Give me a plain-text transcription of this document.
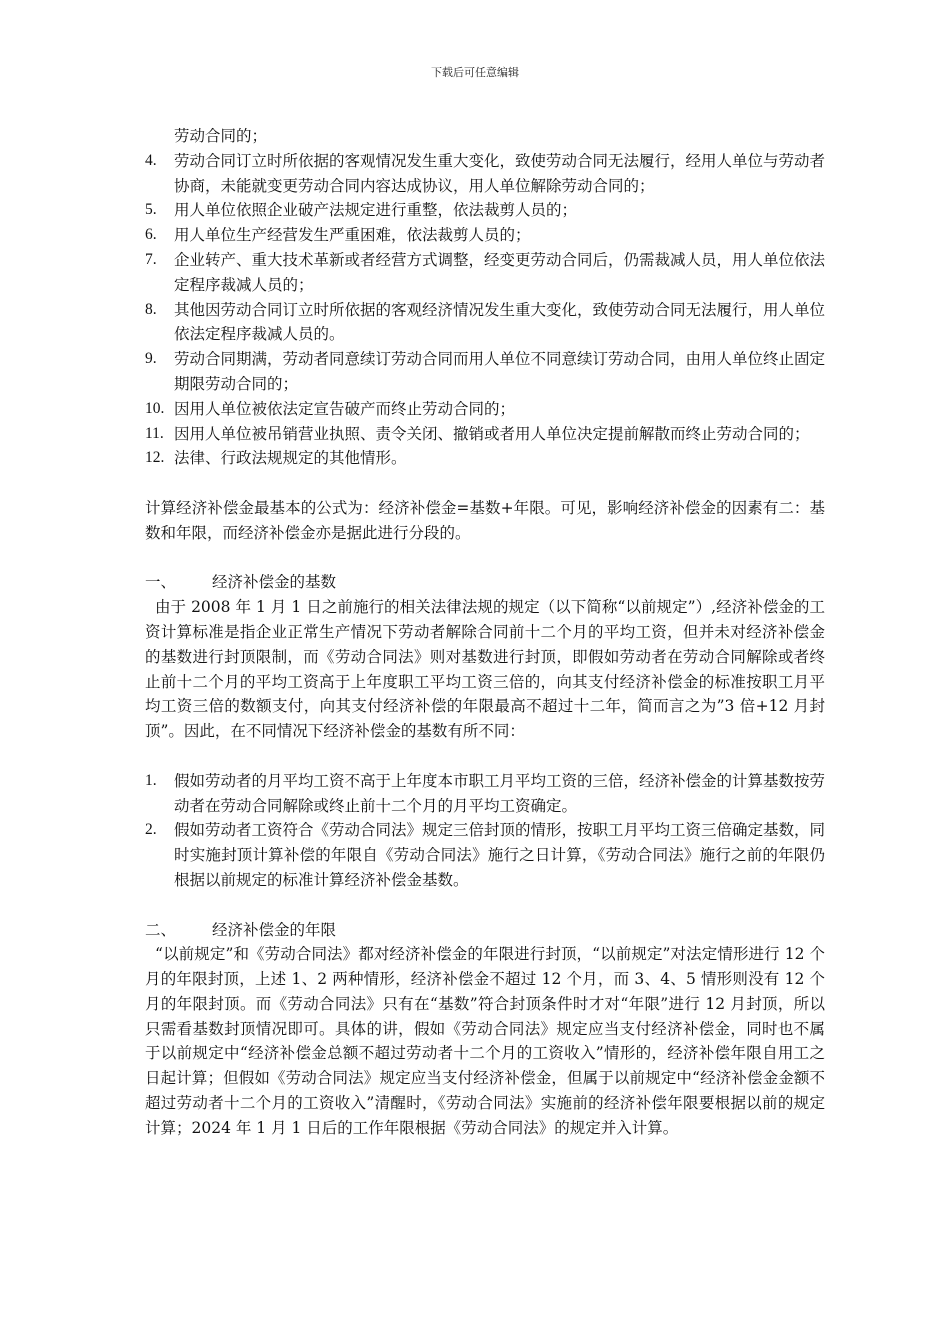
下载后可任意编辑
劳动合同的；
4.	劳动合同订立时所依据的客观情况发生重大变化，致使劳动合同无法履行，经用人单位与劳动者协商，未能就变更劳动合同内容达成协议，用人单位解除劳动合同的；
5.	用人单位依照企业破产法规定进行重整，依法裁剪人员的；
6.	用人单位生产经营发生严重困难，依法裁剪人员的；
7.	企业转产、重大技术革新或者经营方式调整，经变更劳动合同后，仍需裁减人员，用人单位依法定程序裁减人员的；
8.	其他因劳动合同订立时所依据的客观经济情况发生重大变化，致使劳动合同无法履行，用人单位依法定程序裁减人员的。
9.	劳动合同期满，劳动者同意续订劳动合同而用人单位不同意续订劳动合同，由用人单位终止固定期限劳动合同的；
10. 因用人单位被依法定宣告破产而终止劳动合同的；
11. 因用人单位被吊销营业执照、责令关闭、撤销或者用人单位决定提前解散而终止劳动合同的；
12. 法律、行政法规规定的其他情形。

计算经济补偿金最基本的公式为：经济补偿金=基数+年限。可见，影响经济补偿金的因素有二：基数和年限，而经济补偿金亦是据此进行分段的。

一、	经济补偿金的基数

由于 2008 年 1 月 1 日之前施行的相关法律法规的规定（以下简称“以前规定”）,经济补偿金的工资计算标准是指企业正常生产情况下劳动者解除合同前十二个月的平均工资，但并未对经济补偿金的基数进行封顶限制，而《劳动合同法》则对基数进行封顶，即假如劳动者在劳动合同解除或者终止前十二个月的平均工资高于上年度职工平均工资三倍的，向其支付经济补偿金的标准按职工月平均工资三倍的数额支付，向其支付经济补偿的年限最高不超过十二年，简而言之为”3 倍+12 月封顶”。因此，在不同情况下经济补偿金的基数有所不同：

1.	假如劳动者的月平均工资不高于上年度本市职工月平均工资的三倍，经济补偿金的计算基数按劳动者在劳动合同解除或终止前十二个月的月平均工资确定。
2.	假如劳动者工资符合《劳动合同法》规定三倍封顶的情形，按职工月平均工资三倍确定基数，同时实施封顶计算补偿的年限自《劳动合同法》施行之日计算，《劳动合同法》施行之前的年限仍根据以前规定的标准计算经济补偿金基数。
二、	经济补偿金的年限

“以前规定”和《劳动合同法》都对经济补偿金的年限进行封顶，“以前规定”对法定情形进行 12 个月的年限封顶，上述 1、2 两种情形，经济补偿金不超过 12 个月，而 3、4、5 情形则没有 12 个月的年限封顶。而《劳动合同法》只有在“基数”符合封顶条件时才对“年限”进行 12 月封顶，所以只需看基数封顶情况即可。具体的讲，假如《劳动合同法》规定应当支付经济补偿金，同时也不属于以前规定中“经济补偿金总额不超过劳动者十二个月的工资收入”情形的，经济补偿年限自用工之日起计算；但假如《劳动合同法》规定应当支付经济补偿金，但属于以前规定中“经济补偿金金额不超过劳动者十二个月的工资收入”清醒时，《劳动合同法》实施前的经济补偿年限要根据以前的规定计算；2024 年 1 月 1 日后的工作年限根据《劳动合同法》的规定并入计算。
